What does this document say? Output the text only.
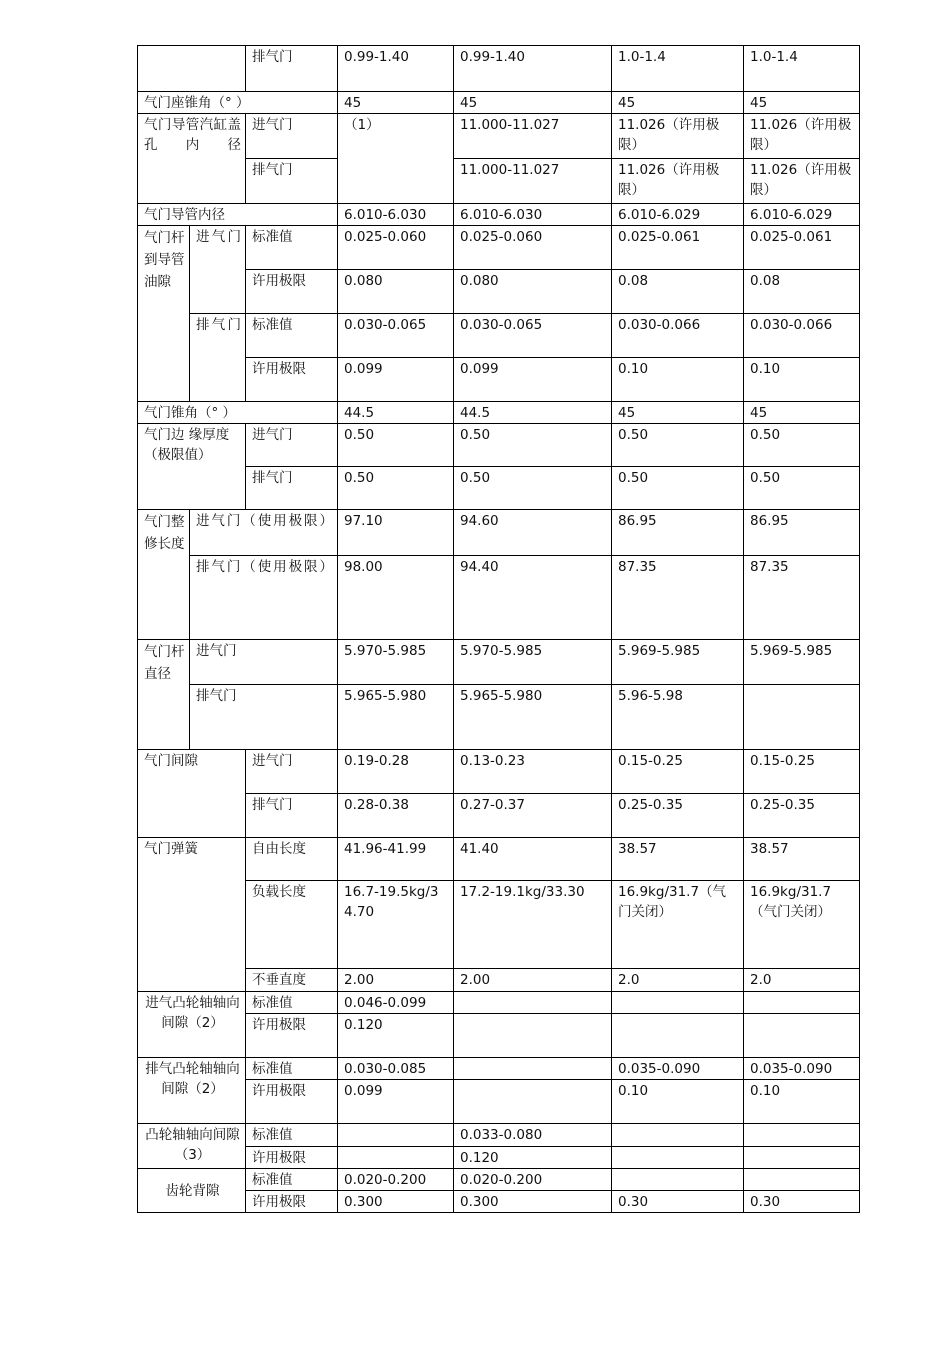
		排气门	0.99-1.40	0.99-1.40	1.0-1.4	1.0-1.4
气门座锥角（° ）			45	45	45	45
气门导管汽缸盖孔内径		进气门	（1）	11.000-11.027	11.026（许用极限）	11.026（许用极限）
		排气门		11.000-11.027	11.026（许用极限）	11.026（许用极限）
气门导管内径			6.010-6.030	6.010-6.030	6.010-6.029	6.010-6.029
气门杆到导管油隙	进气门	标准值	0.025-0.060	0.025-0.060	0.025-0.061	0.025-0.061
		许用极限	0.080	0.080	0.08	0.08
	排气门	标准值	0.030-0.065	0.030-0.065	0.030-0.066	0.030-0.066
		许用极限	0.099	0.099	0.10	0.10
气门锥角（° ）			44.5	44.5	45	45
气门边 缘厚度（极限值）		进气门	0.50	0.50	0.50	0.50
		排气门	0.50	0.50	0.50	0.50
气门整修长度	进气门（使用极限）		97.10	94.60	86.95	86.95
	排气门（使用极限）		98.00	94.40	87.35	87.35
气门杆直径	进气门		5.970-5.985	5.970-5.985	5.969-5.985	5.969-5.985
	排气门		5.965-5.980	5.965-5.980	5.96-5.98	
气门间隙		进气门	0.19-0.28	0.13-0.23	0.15-0.25	0.15-0.25
		排气门	0.28-0.38	0.27-0.37	0.25-0.35	0.25-0.35
气门弹簧		自由长度	41.96-41.99	41.40	38.57	38.57
		负载长度	16.7-19.5kg/34.70	17.2-19.1kg/33.30	16.9kg/31.7（气门关闭）	16.9kg/31.7（气门关闭）
		不垂直度	2.00	2.00	2.0	2.0
进气凸轮轴轴向间隙（2）		标准值	0.046-0.099			
		许用极限	0.120			
排气凸轮轴轴向间隙（2）		标准值	0.030-0.085		0.035-0.090	0.035-0.090
		许用极限	0.099		0.10	0.10
凸轮轴轴向间隙（3）		标准值		0.033-0.080		
		许用极限		0.120		
齿轮背隙		标准值	0.020-0.200	0.020-0.200		
		许用极限	0.300	0.300	0.30	0.30
